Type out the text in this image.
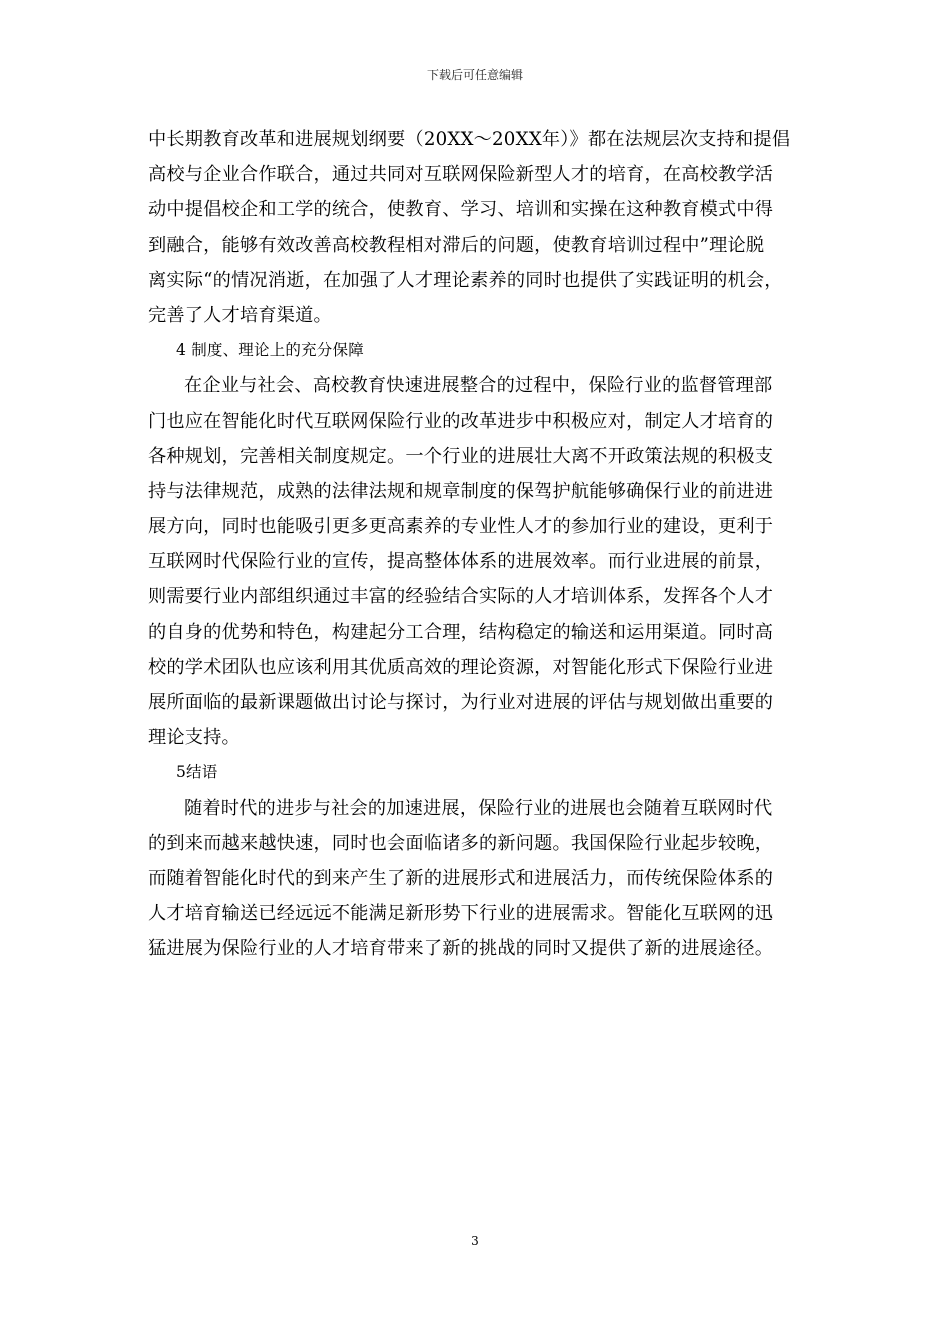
下载后可任意编辑
中长期教育改革和进展规划纲要（20XX～20XX年）》都在法规层次支持和提倡
高校与企业合作联合，通过共同对互联网保险新型人才的培育，在高校教学活
动中提倡校企和工学的统合，使教育、学习、培训和实操在这种教育模式中得
到融合，能够有效改善高校教程相对滞后的问题，使教育培训过程中”理论脱
离实际“的情况消逝，在加强了人才理论素养的同时也提供了实践证明的机会，
完善了人才培育渠道。
4 制度、理论上的充分保障
在企业与社会、高校教育快速进展整合的过程中，保险行业的监督管理部
门也应在智能化时代互联网保险行业的改革进步中积极应对，制定人才培育的
各种规划，完善相关制度规定。一个行业的进展壮大离不开政策法规的积极支
持与法律规范，成熟的法律法规和规章制度的保驾护航能够确保行业的前进进
展方向，同时也能吸引更多更高素养的专业性人才的参加行业的建设，更利于
互联网时代保险行业的宣传，提高整体体系的进展效率。而行业进展的前景，
则需要行业内部组织通过丰富的经验结合实际的人才培训体系，发挥各个人才
的自身的优势和特色，构建起分工合理，结构稳定的输送和运用渠道。同时高
校的学术团队也应该利用其优质高效的理论资源，对智能化形式下保险行业进
展所面临的最新课题做出讨论与探讨，为行业对进展的评估与规划做出重要的
理论支持。
5结语
随着时代的进步与社会的加速进展，保险行业的进展也会随着互联网时代
的到来而越来越快速，同时也会面临诸多的新问题。我国保险行业起步较晚，
而随着智能化时代的到来产生了新的进展形式和进展活力，而传统保险体系的
人才培育输送已经远远不能满足新形势下行业的进展需求。智能化互联网的迅
猛进展为保险行业的人才培育带来了新的挑战的同时又提供了新的进展途径。
3
